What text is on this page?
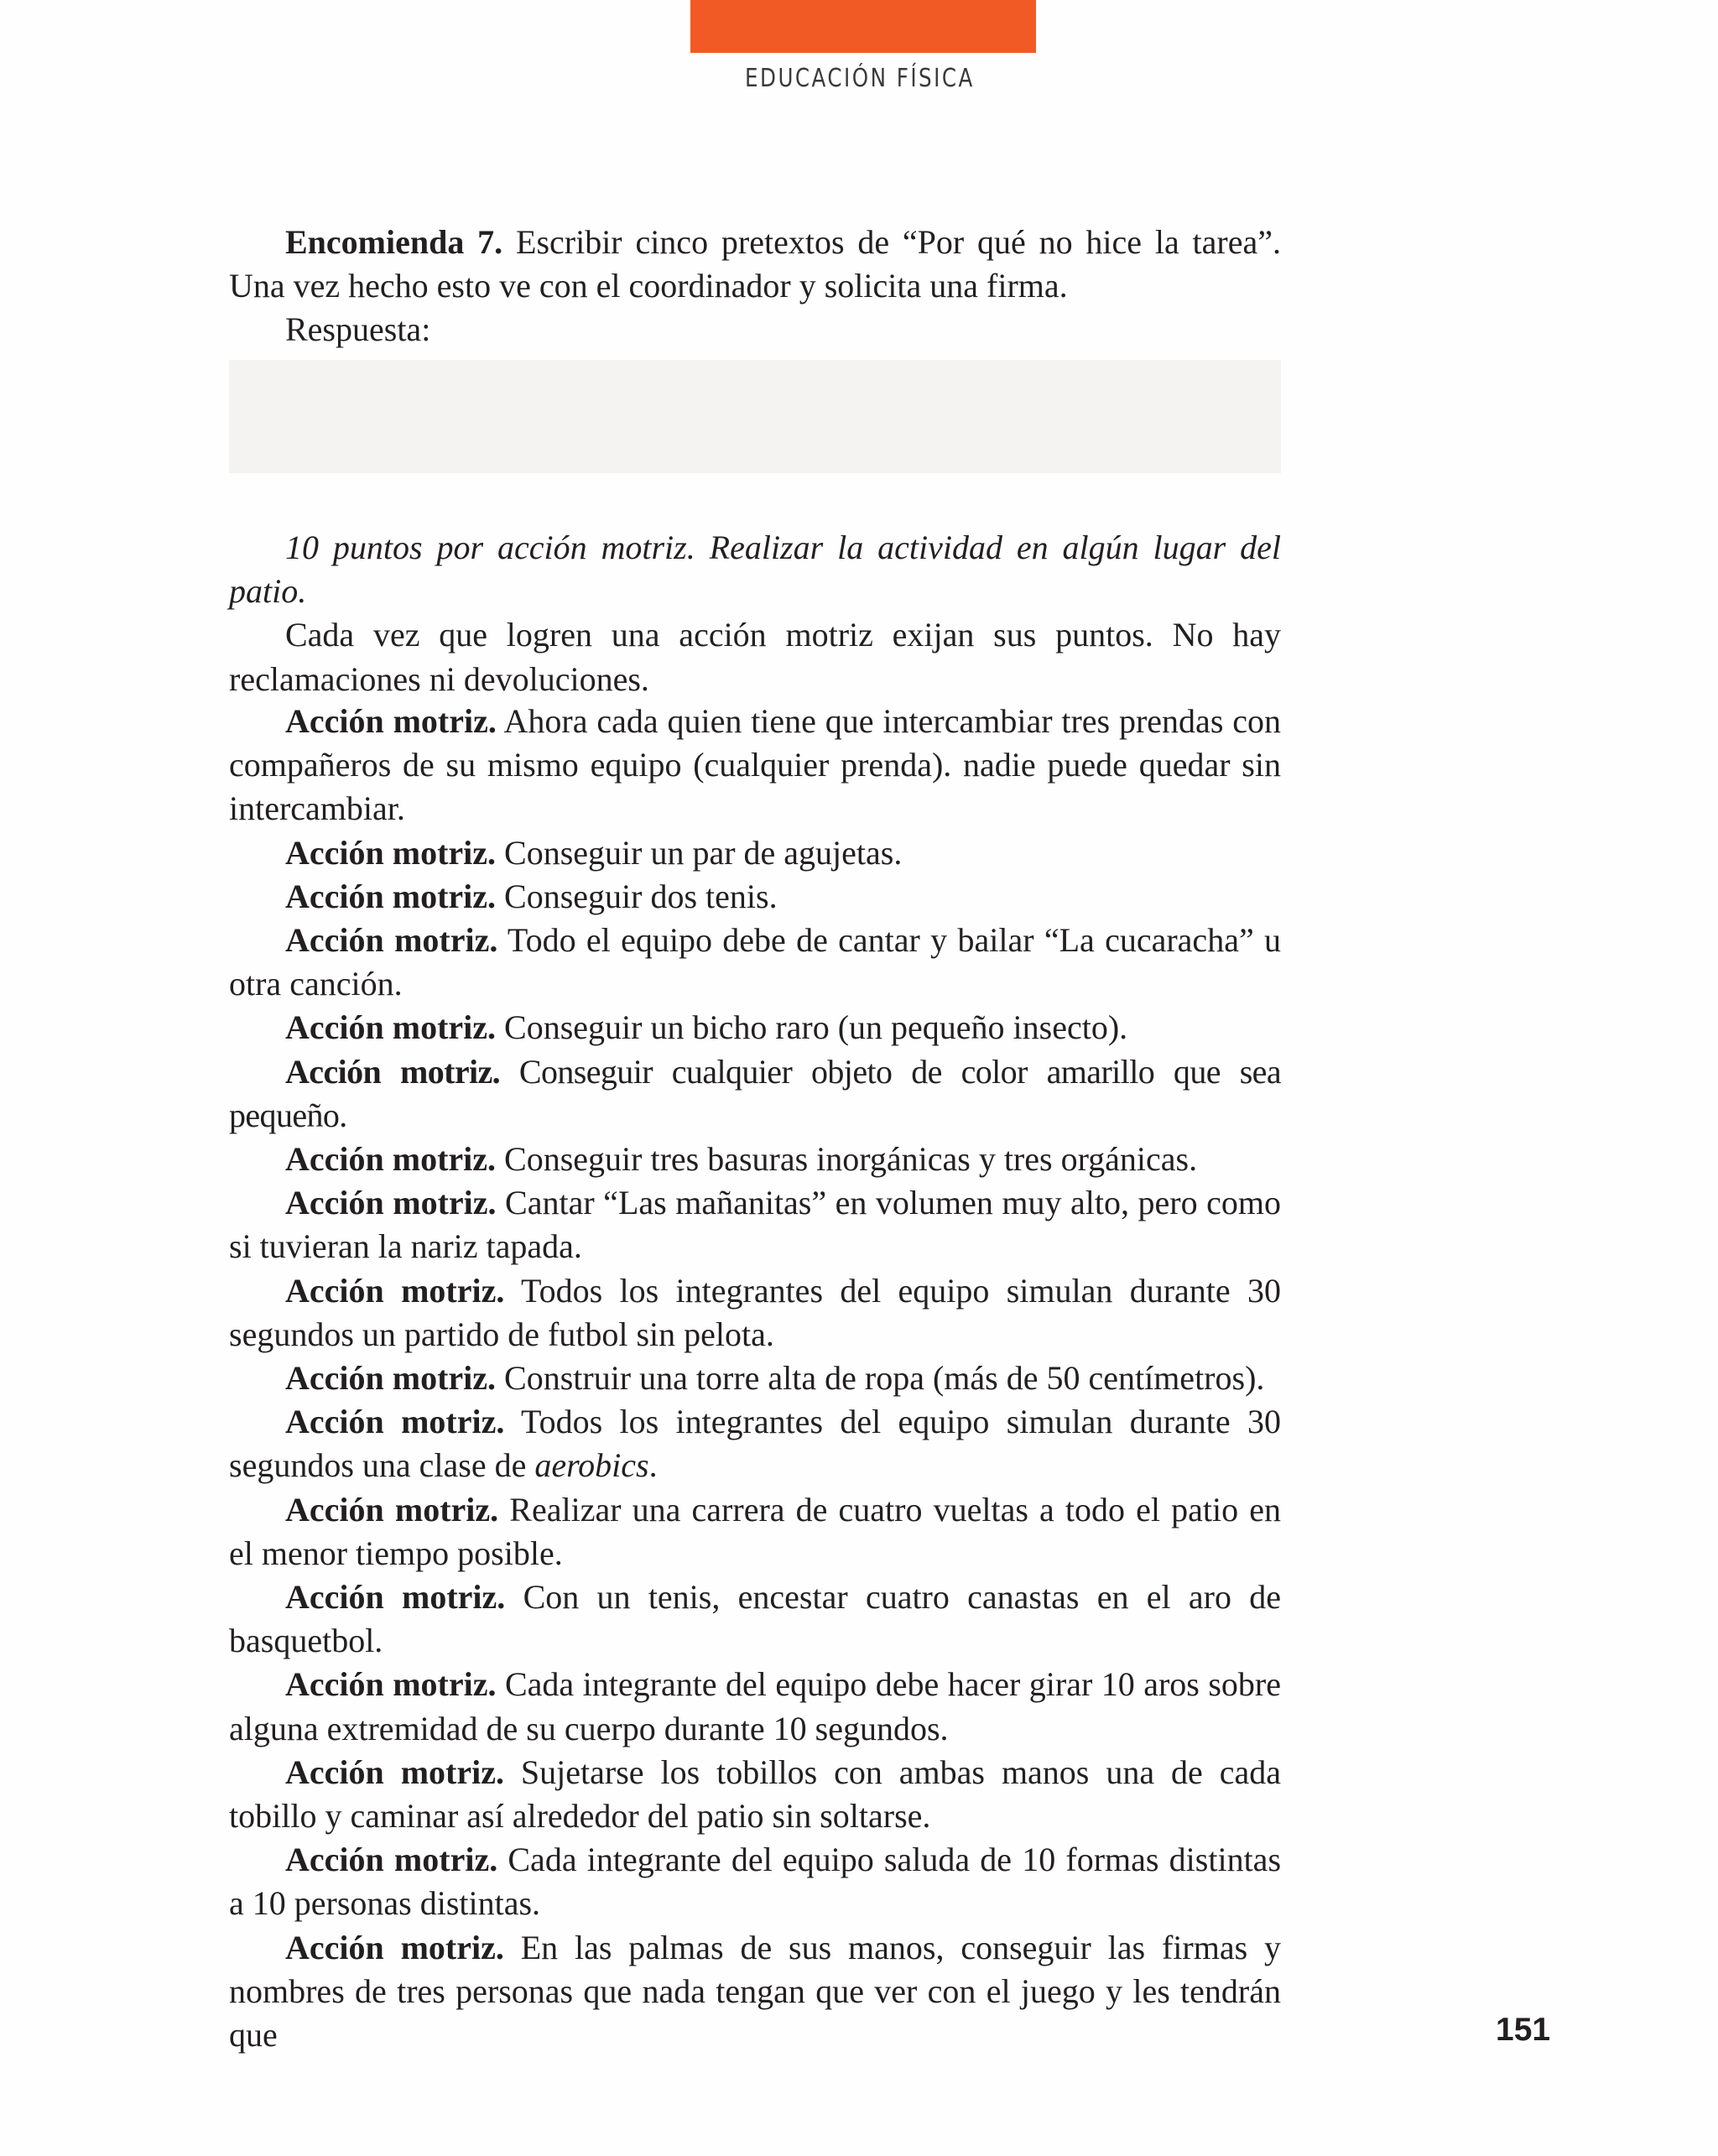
EDUCACIÓN FÍSICA

Encomienda 7. Escribir cinco pretextos de “Por qué no hice la tarea”. Una vez hecho esto ve con el coordinador y solicita una firma.

Respuesta:

10 puntos por acción motriz. Realizar la actividad en algún lugar del patio.

Cada vez que logren una acción motriz exijan sus puntos. No hay reclamaciones ni devoluciones.

Acción motriz. Ahora cada quien tiene que intercambiar tres prendas con compañeros de su mismo equipo (cualquier prenda). nadie puede quedar sin intercambiar.

Acción motriz. Conseguir un par de agujetas.

Acción motriz. Conseguir dos tenis.

Acción motriz. Todo el equipo debe de cantar y bailar “La cucaracha” u otra canción.

Acción motriz. Conseguir un bicho raro (un pequeño insecto).

Acción motriz. Conseguir cualquier objeto de color amarillo que sea pequeño.

Acción motriz. Conseguir tres basuras inorgánicas y tres orgánicas.

Acción motriz. Cantar “Las mañanitas” en volumen muy alto, pero como si tuvieran la nariz tapada.

Acción motriz. Todos los integrantes del equipo simulan durante 30 segundos un partido de futbol sin pelota.

Acción motriz. Construir una torre alta de ropa (más de 50 centímetros).

Acción motriz. Todos los integrantes del equipo simulan durante 30 segundos una clase de aerobics.

Acción motriz. Realizar una carrera de cuatro vueltas a todo el patio en el menor tiempo posible.

Acción motriz. Con un tenis, encestar cuatro canastas en el aro de basquetbol.

Acción motriz. Cada integrante del equipo debe hacer girar 10 aros sobre alguna extremidad de su cuerpo durante 10 segundos.

Acción motriz. Sujetarse los tobillos con ambas manos una de cada tobillo y caminar así alrededor del patio sin soltarse.

Acción motriz. Cada integrante del equipo saluda de 10 formas distintas a 10 personas distintas.

Acción motriz. En las palmas de sus manos, conseguir las firmas y nombres de tres personas que nada tengan que ver con el juego y les tendrán que	151
